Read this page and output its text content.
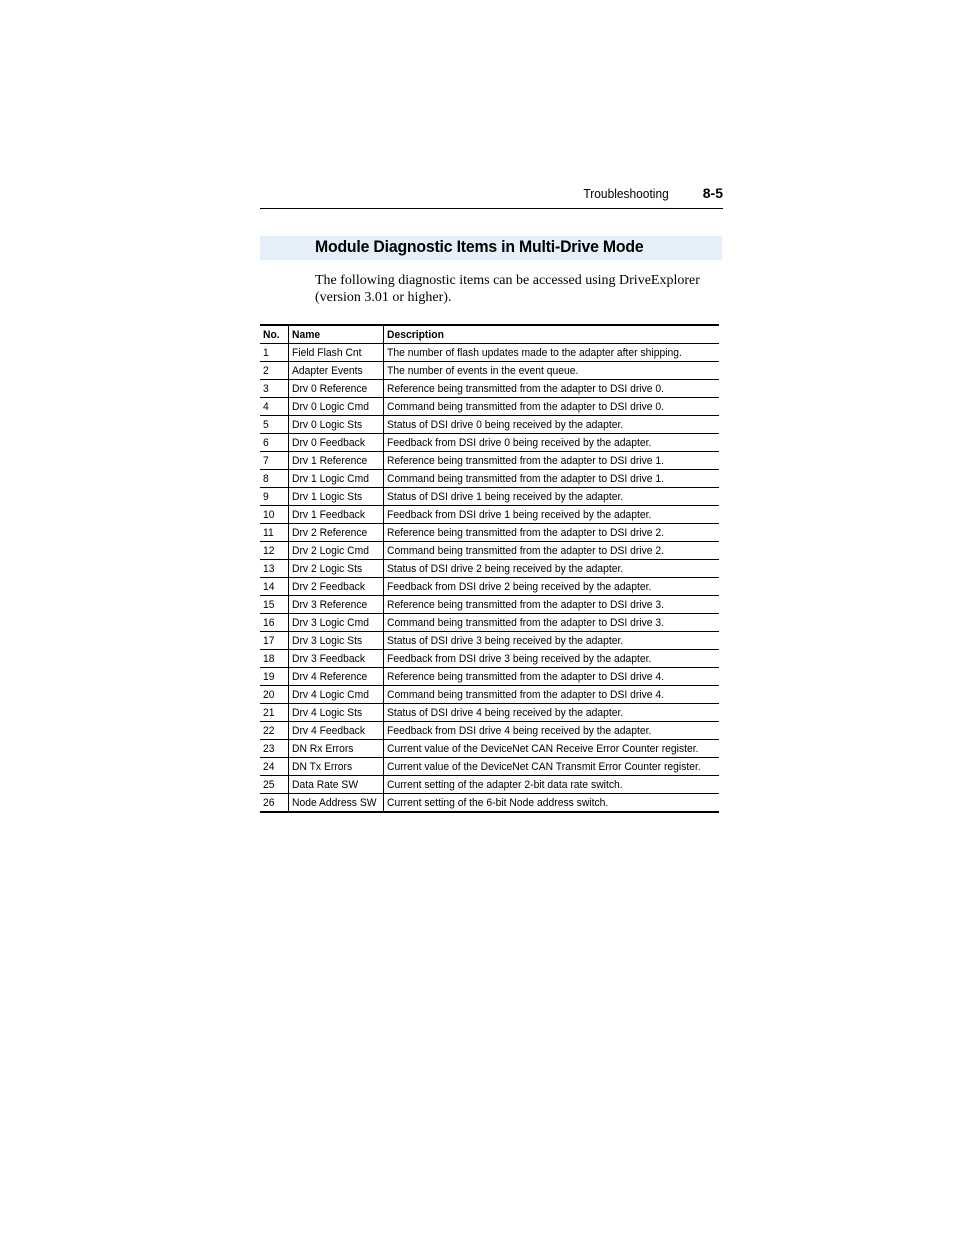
Troubleshooting 8-5
Module Diagnostic Items in Multi-Drive Mode

The following diagnostic items can be accessed using DriveExplorer (version 3.01 or higher).

No.	Name	Description
1	Field Flash Cnt	The number of flash updates made to the adapter after shipping.
2	Adapter Events	The number of events in the event queue.
3	Drv 0 Reference	Reference being transmitted from the adapter to DSI drive 0.
4	Drv 0 Logic Cmd	Command being transmitted from the adapter to DSI drive 0.
5	Drv 0 Logic Sts	Status of DSI drive 0 being received by the adapter.
6	Drv 0 Feedback	Feedback from DSI drive 0 being received by the adapter.
7	Drv 1 Reference	Reference being transmitted from the adapter to DSI drive 1.
8	Drv 1 Logic Cmd	Command being transmitted from the adapter to DSI drive 1.
9	Drv 1 Logic Sts	Status of DSI drive 1 being received by the adapter.
10	Drv 1 Feedback	Feedback from DSI drive 1 being received by the adapter.
11	Drv 2 Reference	Reference being transmitted from the adapter to DSI drive 2.
12	Drv 2 Logic Cmd	Command being transmitted from the adapter to DSI drive 2.
13	Drv 2 Logic Sts	Status of DSI drive 2 being received by the adapter.
14	Drv 2 Feedback	Feedback from DSI drive 2 being received by the adapter.
15	Drv 3 Reference	Reference being transmitted from the adapter to DSI drive 3.
16	Drv 3 Logic Cmd	Command being transmitted from the adapter to DSI drive 3.
17	Drv 3 Logic Sts	Status of DSI drive 3 being received by the adapter.
18	Drv 3 Feedback	Feedback from DSI drive 3 being received by the adapter.
19	Drv 4 Reference	Reference being transmitted from the adapter to DSI drive 4.
20	Drv 4 Logic Cmd	Command being transmitted from the adapter to DSI drive 4.
21	Drv 4 Logic Sts	Status of DSI drive 4 being received by the adapter.
22	Drv 4 Feedback	Feedback from DSI drive 4 being received by the adapter.
23	DN Rx Errors	Current value of the DeviceNet CAN Receive Error Counter register.
24	DN Tx Errors	Current value of the DeviceNet CAN Transmit Error Counter register.
25	Data Rate SW	Current setting of the adapter 2-bit data rate switch.
26	Node Address SW	Current setting of the 6-bit Node address switch.
